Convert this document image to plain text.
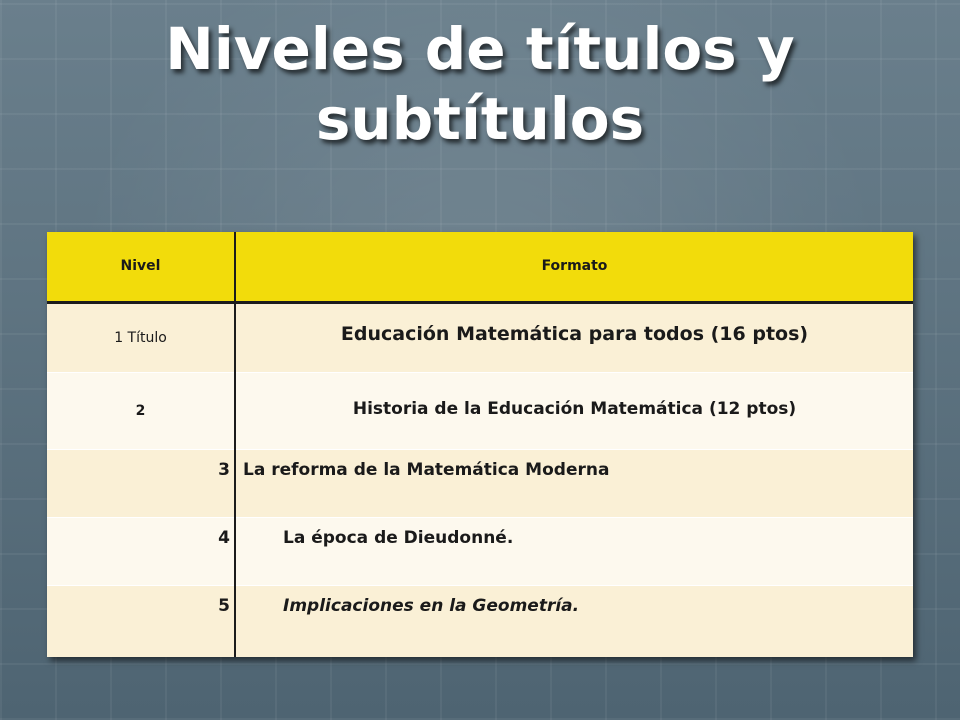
Niveles de títulos y subtítulos
Nivel	Formato
1 Título	Educación Matemática para todos (16 ptos)
2	Historia de la Educación Matemática (12 ptos)
3	La reforma de la Matemática Moderna
4	La época de Dieudonné.
5	Implicaciones en la Geometría.
